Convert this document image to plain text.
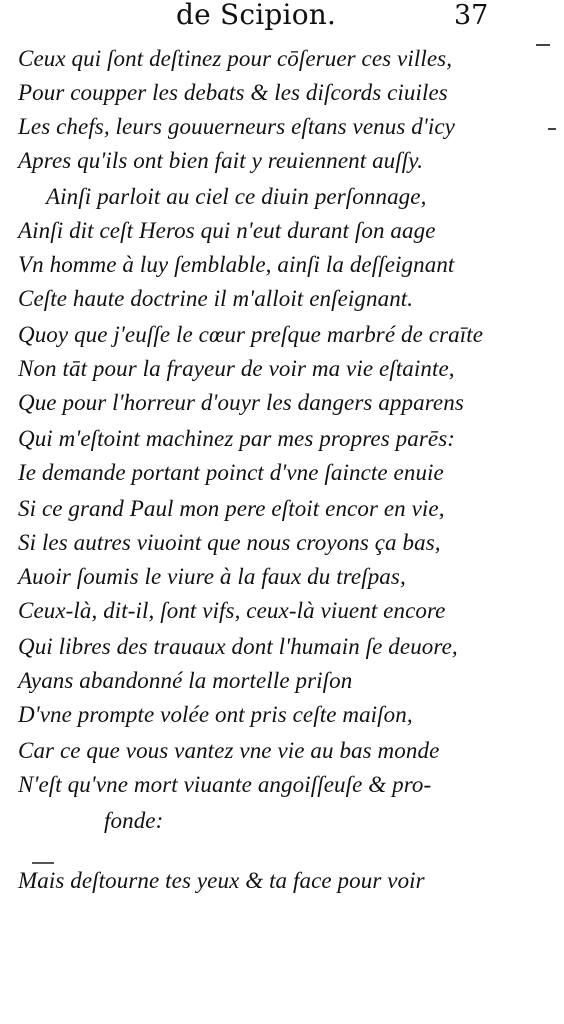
de Scipion.	37
Ceux qui ſont deſtinez pour cōſeruer ces villes,
Pour coupper les debats & les diſcords ciuiles
Les chefs, leurs gouuerneurs eſtans venus d'icy
Apres qu'ils ont bien fait y reuiennent auſſy.
Ainſi parloit au ciel ce diuin perſonnage,
Ainſi dit ceſt Heros qui n'eut durant ſon aage
Vn homme à luy ſemblable, ainſi la deſſeignant
Ceſte haute doctrine il m'alloit enſeignant.
Quoy que j'euſſe le cœur preſque marbré de craīte
Non tāt pour la frayeur de voir ma vie eſtainte,
Que pour l'horreur d'ouyr les dangers apparens
Qui m'eſtoint machinez par mes propres parēs:
Ie demande portant poinct d'vne ſaincte enuie
Si ce grand Paul mon pere eſtoit encor en vie,
Si les autres viuoint que nous croyons ça bas,
Auoir ſoumis le viure à la faux du treſpas,
Ceux-là, dit-il, ſont vifs, ceux-là viuent encore
Qui libres des trauaux dont l'humain ſe deuore,
Ayans abandonné la mortelle priſon
D'vne prompte volée ont pris ceſte maiſon,
Car ce que vous vantez vne vie au bas monde
N'eſt qu'vne mort viuante angoiſſeuſe & pro-
fonde:
Mais deſtourne tes yeux & ta face pour voir
